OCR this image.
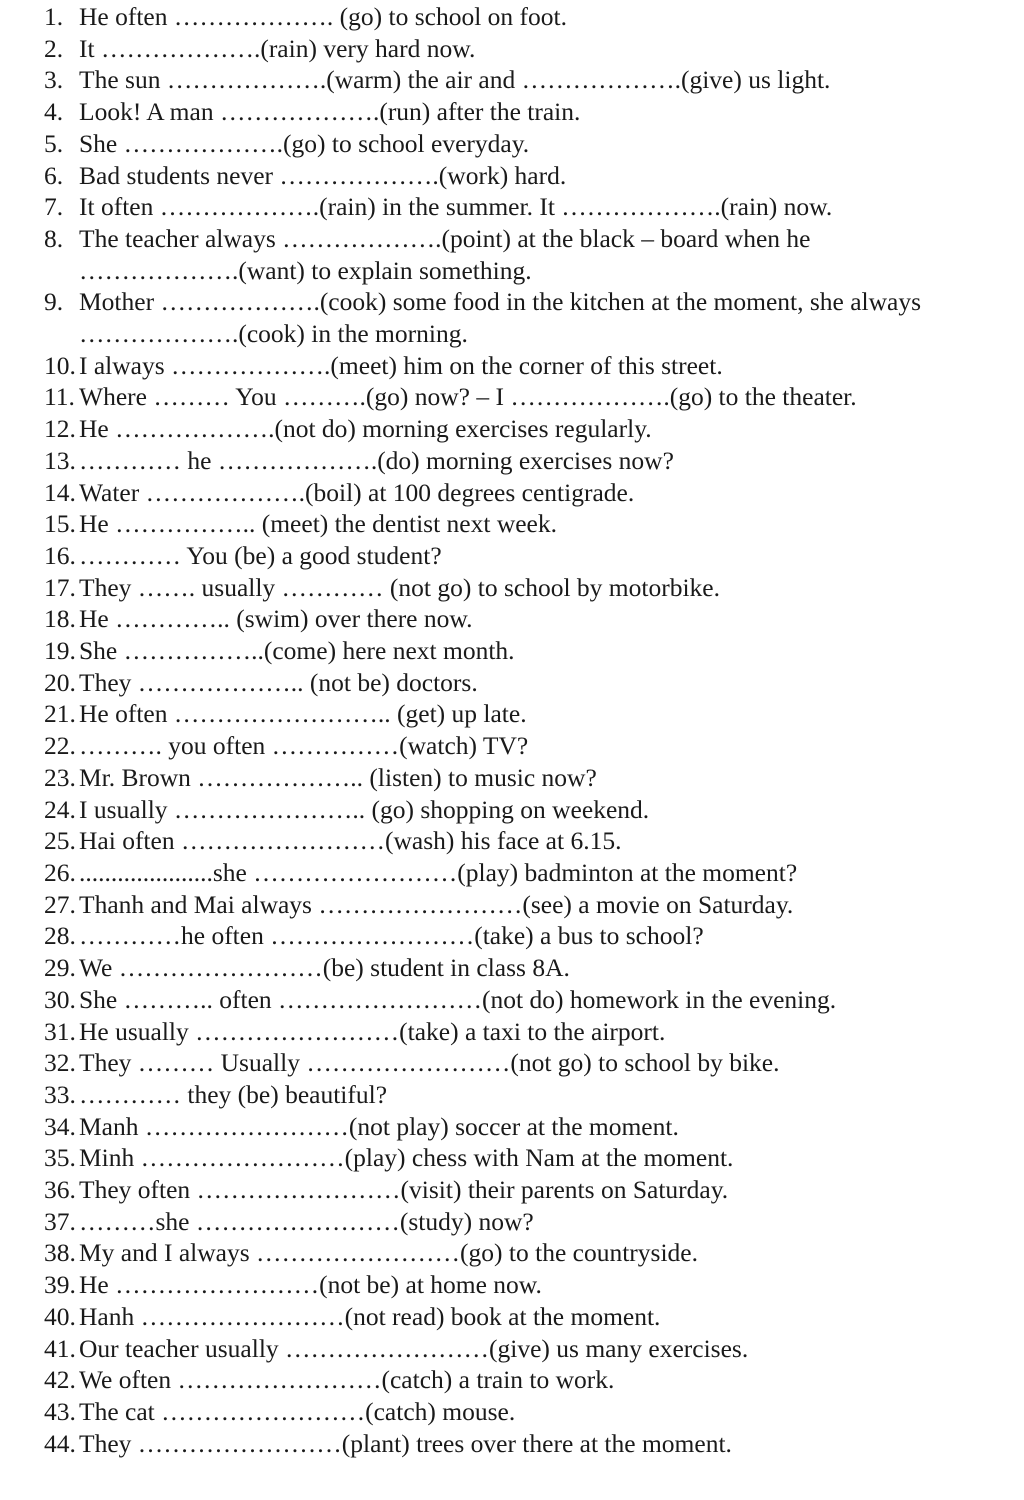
1. He often ………………. (go) to school on foot.
2. It ……………….(rain) very hard now.
3. The sun ……………….(warm) the air and ……………….(give) us light.
4. Look! A man ……………….(run) after the train.
5. She ……………….(go) to school everyday.
6. Bad students never ……………….(work) hard.
7. It often ……………….(rain) in the summer. It ……………….(rain) now.
8. The teacher always ……………….(point) at the black – board when he
……………….(want) to explain something.
9. Mother ……………….(cook) some food in the kitchen at the moment, she always
……………….(cook) in the morning.
10. I always ……………….(meet) him on the corner of this street.
11. Where ……… You ……….(go) now? – I ……………….(go) to the theater.
12. He ……………….(not do) morning exercises regularly.
13. ………… he ……………….(do) morning exercises now?
14. Water ……………….(boil) at 100 degrees centigrade.
15. He …………….. (meet) the dentist next week.
16. ………… You (be) a good student?
17. They ……. usually ………… (not go) to school by motorbike.
18. He ………….. (swim) over there now.
19. She ……………..(come) here next month.
20. They ……………….. (not be) doctors.
21. He often …………………….. (get) up late.
22. ………. you often ……………(watch) TV?
23. Mr. Brown ……………….. (listen) to music now?
24. I usually ………………….. (go) shopping on weekend.
25. Hai often ……………………(wash) his face at 6.15.
26. .....................she ……………………(play) badminton at the moment?
27. Thanh and Mai always ……………………(see) a movie on Saturday.
28. …………he often ……………………(take) a bus to school?
29. We ……………………(be) student in class 8A.
30. She ……….. often ……………………(not do) homework in the evening.
31. He usually ……………………(take) a taxi to the airport.
32. They ……… Usually ……………………(not go) to school by bike.
33. ………… they (be) beautiful?
34. Manh ……………………(not play) soccer at the moment.
35. Minh ……………………(play) chess with Nam at the moment.
36. They often ……………………(visit) their parents on Saturday.
37. ………she ……………………(study) now?
38. My and I always ……………………(go) to the countryside.
39. He ……………………(not be) at home now.
40. Hanh ……………………(not read) book at the moment.
41. Our teacher usually ……………………(give) us many exercises.
42. We often ……………………(catch) a train to work.
43. The cat ……………………(catch) mouse.
44. They ……………………(plant) trees over there at the moment.
